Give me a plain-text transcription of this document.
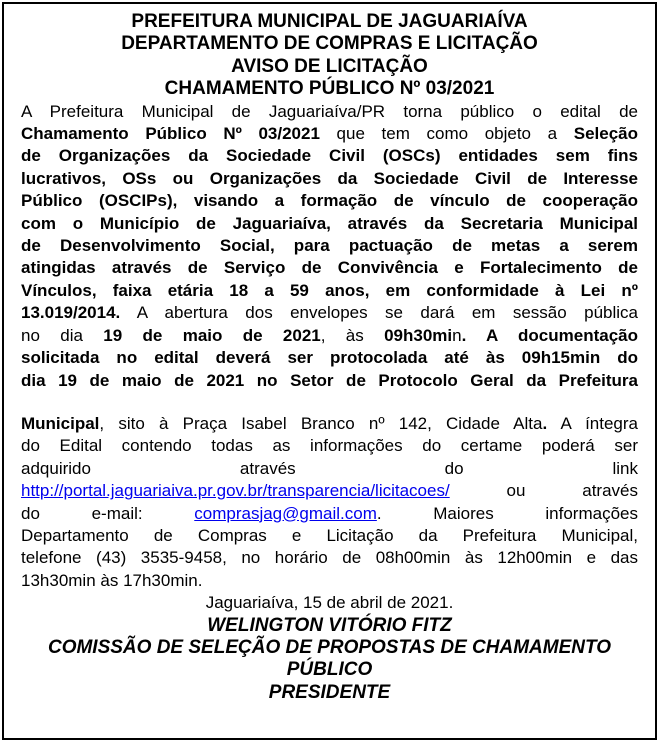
PREFEITURA MUNICIPAL DE JAGUARIAÍVA
DEPARTAMENTO DE COMPRAS E LICITAÇÃO
AVISO DE LICITAÇÃO
CHAMAMENTO PÚBLICO Nº 03/2021
A Prefeitura Municipal de Jaguariaíva/PR torna público o edital de
Chamamento Público Nº 03/2021 que tem como objeto a Seleção
de Organizações da Sociedade Civil (OSCs) entidades sem fins
lucrativos, OSs ou Organizações da Sociedade Civil de Interesse
Público (OSCIPs), visando a formação de vínculo de cooperação
com o Município de Jaguariaíva, através da Secretaria Municipal
de Desenvolvimento Social, para pactuação de metas a serem
atingidas através de Serviço de Convivência e Fortalecimento de
Vínculos, faixa etária 18 a 59 anos, em conformidade à Lei nº
13.019/2014. A abertura dos envelopes se dará em sessão pública
no dia 19 de maio de 2021, às 09h30min. A documentação
solicitada no edital deverá ser protocolada até às 09h15min do
dia 19 de maio de 2021 no Setor de Protocolo Geral da Prefeitura
Municipal, sito à Praça Isabel Branco nº 142, Cidade Alta. A íntegra
do Edital contendo todas as informações do certame poderá ser
adquirido através do link
http://portal.jaguariaiva.pr.gov.br/transparencia/licitacoes/ ou através
do e-mail: comprasjag@gmail.com. Maiores informações
Departamento de Compras e Licitação da Prefeitura Municipal,
telefone (43) 3535-9458, no horário de 08h00min às 12h00min e das
13h30min às 17h30min.
Jaguariaíva, 15 de abril de 2021.
WELINGTON VITÓRIO FITZ
COMISSÃO DE SELEÇÃO DE PROPOSTAS DE CHAMAMENTO
PÚBLICO
PRESIDENTE
